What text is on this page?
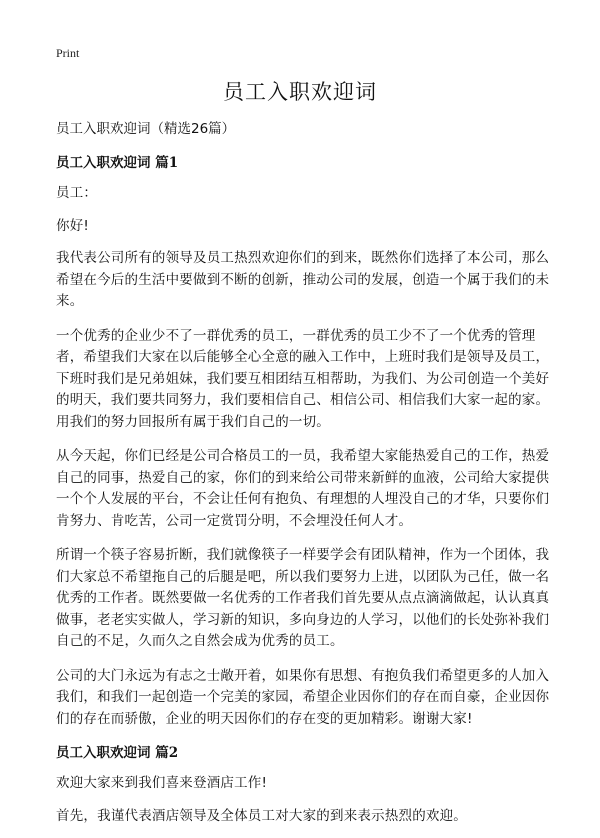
Print
员工入职欢迎词

员工入职欢迎词（精选26篇）

员工入职欢迎词 篇1

员工：

你好!

我代表公司所有的领导及员工热烈欢迎你们的到来，既然你们选择了本公司，那么希望在今后的生活中要做到不断的创新，推动公司的发展，创造一个属于我们的未来。

一个优秀的企业少不了一群优秀的员工，一群优秀的员工少不了一个优秀的管理者，希望我们大家在以后能够全心全意的融入工作中，上班时我们是领导及员工，下班时我们是兄弟姐妹，我们要互相团结互相帮助，为我们、为公司创造一个美好的明天，我们要共同努力，我们要相信自己、相信公司、相信我们大家一起的家。用我们的努力回报所有属于我们自己的一切。

从今天起，你们已经是公司合格员工的一员，我希望大家能热爱自己的工作，热爱自己的同事，热爱自己的家，你们的到来给公司带来新鲜的血液，公司给大家提供一个个人发展的平台，不会让任何有抱负、有理想的人埋没自己的才华，只要你们肯努力、肯吃苦，公司一定赏罚分明，不会埋没任何人才。

所谓一个筷子容易折断，我们就像筷子一样要学会有团队精神，作为一个团体，我们大家总不希望拖自己的后腿是吧，所以我们要努力上进，以团队为己任，做一名优秀的工作者。既然要做一名优秀的工作者我们首先要从点点滴滴做起，认认真真做事，老老实实做人，学习新的知识，多向身边的人学习，以他们的长处弥补我们自己的不足，久而久之自然会成为优秀的员工。

公司的大门永远为有志之士敞开着，如果你有思想、有抱负我们希望更多的人加入我们，和我们一起创造一个完美的家园，希望企业因你们的存在而自豪，企业因你们的存在而骄傲，企业的明天因你们的存在变的更加精彩。谢谢大家!

员工入职欢迎词 篇2

欢迎大家来到我们喜来登酒店工作!

首先，我谨代表酒店领导及全体员工对大家的到来表示热烈的欢迎。
